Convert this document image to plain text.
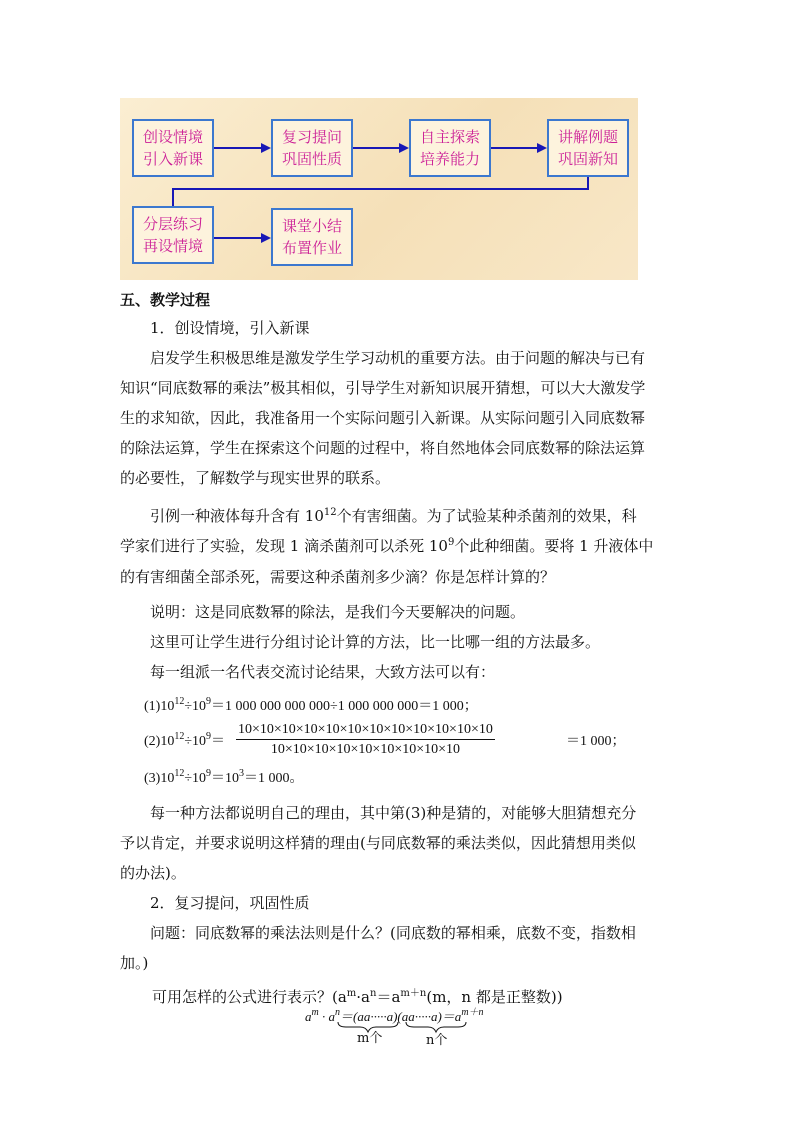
创设情境
引入新课
复习提问
巩固性质
自主探索
培养能力
讲解例题
巩固新知
分层练习
再设情境
课堂小结
布置作业
五、教学过程
1．创设情境，引入新课
启发学生积极思维是激发学生学习动机的重要方法。由于问题的解决与已有
知识“同底数幂的乘法”极其相似，引导学生对新知识展开猜想，可以大大激发学
生的求知欲，因此，我准备用一个实际问题引入新课。从实际问题引入同底数幂
的除法运算，学生在探索这个问题的过程中，将自然地体会同底数幂的除法运算
的必要性，了解数学与现实世界的联系。
引例一种液体每升含有 $10^{12}$个有害细菌。为了试验某种杀菌剂的效果，科
学家们进行了实验，发现 1 滴杀菌剂可以杀死 $10^9$个此种细菌。要将 1 升液体中
的有害细菌全部杀死，需要这种杀菌剂多少滴？你是怎样计算的？
说明：这是同底数幂的除法，是我们今天要解决的问题。
这里可让学生进行分组讨论计算的方法，比一比哪一组的方法最多。
每一组派一名代表交流讨论结果，大致方法可以有：
$(1)10^{12}\div 10^9=1$ 000 000 000 000÷1 000 000 000＝1 000；
$(2)10^{12}\div 10^9= \frac{10\times 10\times 10\times 10\times 10\times 10\times 10\times 10\times 10\times 10\times 10\times 10}{10\times 10\times 10\times 10\times 10\times 10\times 10\times 10\times 10}$	＝1 000；
$(3)10^{12}\div 10^9=10^3=1$ 000。
每一种方法都说明自己的理由，其中第(3)种是猜的，对能够大胆猜想充分
予以肯定，并要求说明这样猜的理由(与同底数幂的乘法类似，因此猜想用类似
的办法)。
2．复习提问，巩固性质
问题：同底数幂的乘法法则是什么？(同底数的幂相乘，底数不变，指数相
加。)
可用怎样的公式进行表示？($a^m\cdot a^n=a^{m+n}(m$，n 都是正整数))
$a^m \cdot a^n=(aa\cdot\cdot\cdot\cdot\cdot a)(aa\cdot\cdot\cdot\cdot\cdot a)=a^{m+n}$
m个	n个
